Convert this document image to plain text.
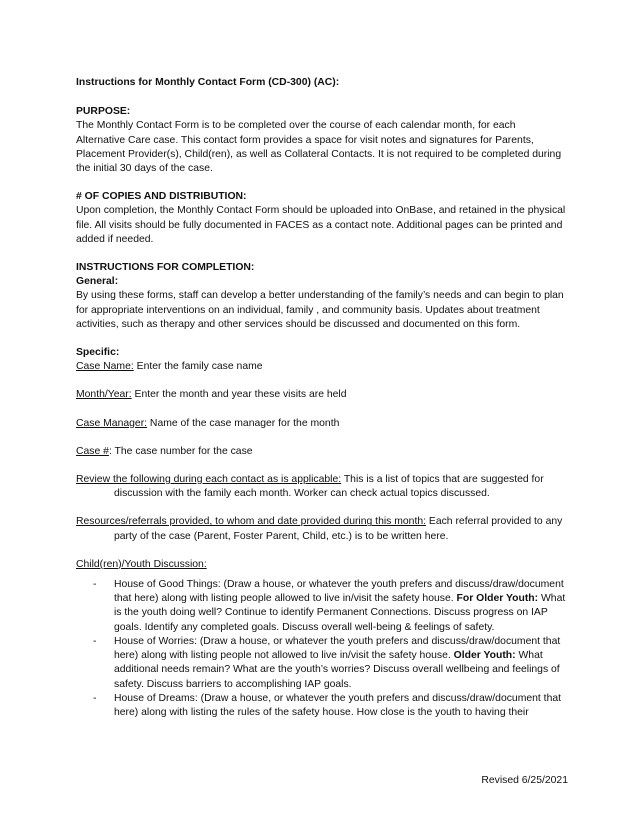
Instructions for Monthly Contact Form (CD-300) (AC):

PURPOSE:

The Monthly Contact Form is to be completed over the course of each calendar month, for each Alternative Care case. This contact form provides a space for visit notes and signatures for Parents, Placement Provider(s), Child(ren), as well as Collateral Contacts. It is not required to be completed during the initial 30 days of the case.

# OF COPIES AND DISTRIBUTION:

Upon completion, the Monthly Contact Form should be uploaded into OnBase, and retained in the physical file. All visits should be fully documented in FACES as a contact note. Additional pages can be printed and added if needed.

INSTRUCTIONS FOR COMPLETION:

General:

By using these forms, staff can develop a better understanding of the family’s needs and can begin to plan for appropriate interventions on an individual, family , and community basis. Updates about treatment activities, such as therapy and other services should be discussed and documented on this form.

Specific:

Case Name: Enter the family case name

Month/Year: Enter the month and year these visits are held

Case Manager: Name of the case manager for the month

Case #: The case number for the case

Review the following during each contact as is applicable: This is a list of topics that are suggested for discussion with the family each month. Worker can check actual topics discussed.

Resources/referrals provided, to whom and date provided during this month: Each referral provided to any party of the case (Parent, Foster Parent, Child, etc.) is to be written here.

Child(ren)/Youth Discussion:

- House of Good Things: (Draw a house, or whatever the youth prefers and discuss/draw/document that here) along with listing people allowed to live in/visit the safety house. For Older Youth: What is the youth doing well? Continue to identify Permanent Connections. Discuss progress on IAP goals. Identify any completed goals. Discuss overall well-being & feelings of safety.
- House of Worries: (Draw a house, or whatever the youth prefers and discuss/draw/document that here) along with listing people not allowed to live in/visit the safety house. Older Youth: What additional needs remain? What are the youth’s worries? Discuss overall wellbeing and feelings of safety. Discuss barriers to accomplishing IAP goals.
- House of Dreams: (Draw a house, or whatever the youth prefers and discuss/draw/document that here) along with listing the rules of the safety house. How close is the youth to having their
Revised 6/25/2021
